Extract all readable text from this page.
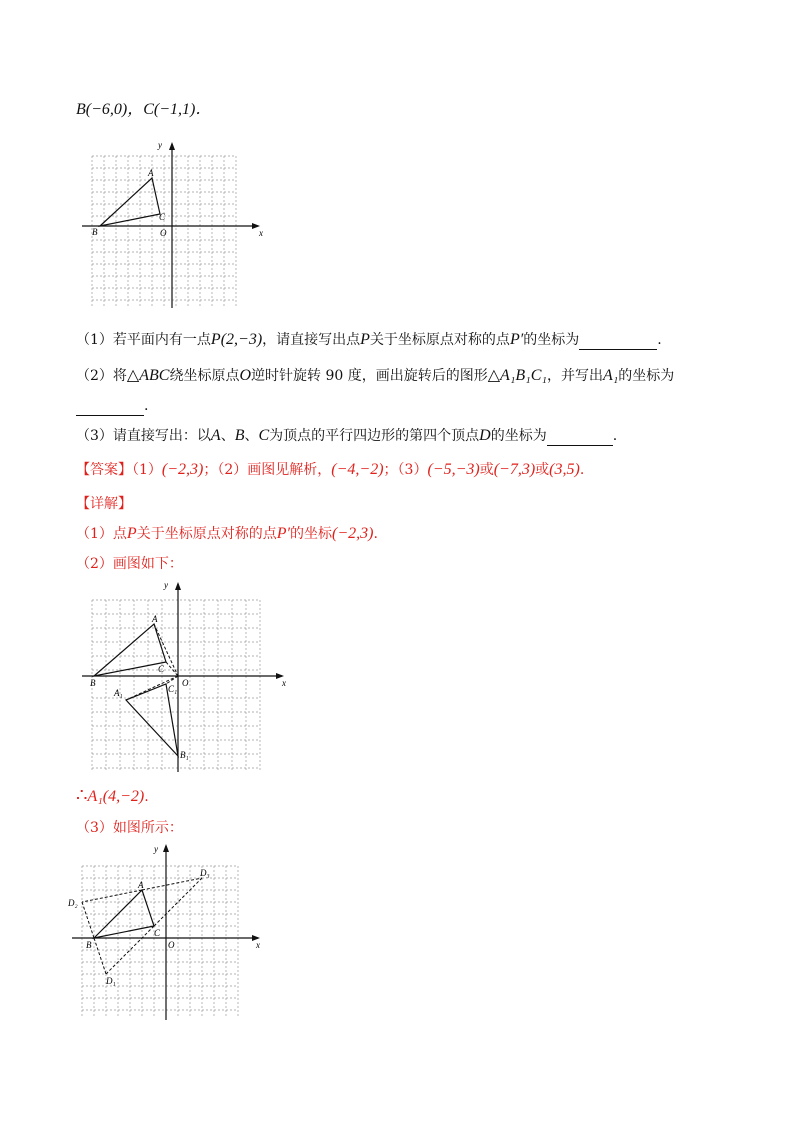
B(−6,0)，C(−1,1)．
A
B
C
O	x
y
（1）若平面内有一点P(2,−3)，请直接写出点P关于坐标原点对称的点P′的坐标为	.
（2）将△ABC绕坐标原点O逆时针旋转 90 度，画出旋转后的图形△A₁B₁C₁，并写出A₁的坐标为
.
（3）请直接写出：以A、B、C为顶点的平行四边形的第四个顶点D的坐标为	.
【答案】（1）(−2,3)；（2）画图见解析，(−4,−2)；（3）(−5,−3)或(−7,3)或(3,5).
【详解】
（1）点P关于坐标原点对称的点P′的坐标(−2,3).
（2）画图如下：
A
B
C
O
A₁
B₁
C₁
x
y
∴A₁(4,−2).
（3）如图所示：
A
B
C
O
D₁
D₂
D₃
x
y
